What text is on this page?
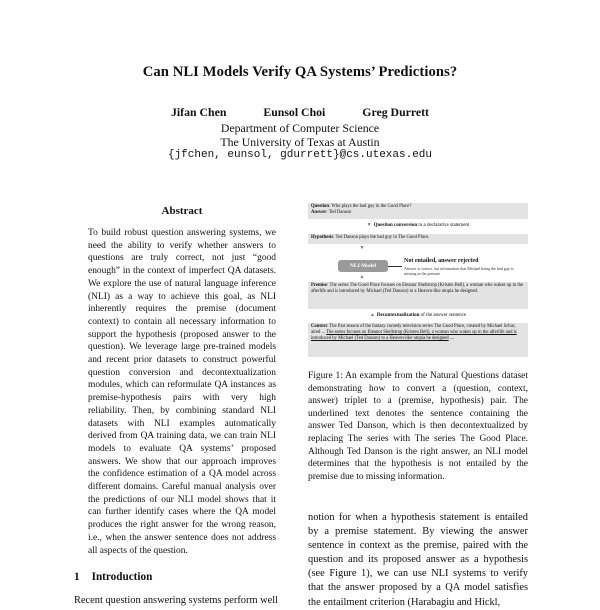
Can NLI Models Verify QA Systems’ Predictions?
Jifan Chen	Eunsol Choi	Greg Durrett
Department of Computer Science
The University of Texas at Austin
{jfchen, eunsol, gdurrett}@cs.utexas.edu
Abstract
To build robust question answering systems, we need the ability to verify whether answers to questions are truly correct, not just “good enough” in the context of imperfect QA datasets. We explore the use of natural language inference (NLI) as a way to achieve this goal, as NLI inherently requires the premise (document context) to contain all necessary information to support the hypothesis (proposed answer to the question). We leverage large pre-trained models and recent prior datasets to construct powerful question conversion and decontextualization modules, which can reformulate QA instances as premise-hypothesis pairs with very high reliability. Then, by combining standard NLI datasets with NLI examples automatically derived from QA training data, we can train NLI models to evaluate QA systems’ proposed answers. We show that our approach improves the confidence estimation of a QA model across different domains. Careful manual analysis over the predictions of our NLI model shows that it can further identify cases where the QA model produces the right answer for the wrong reason, i.e., when the answer sentence does not address all aspects of the question.
1 Introduction
Recent question answering systems perform well
Question: Who plays the bad guy in the Good Place?
Answer: Ted Danson
▼ Question conversion to a declarative statement
Hypothesis: Ted Danson plays the bad guy in The Good Place.
▼
NLI Model
Not entailed, answer rejected
Answer is correct, but information that Michael being the bad guy is missing in the premise
▲
Premise: The series The Good Place focuses on Eleanor Shellstrop (Kristen Bell), a woman who wakes up in the afterlife and is introduced by Michael (Ted Danson) to a Heaven-like utopia he designed.
▲ Decontextualization of the answer sentence
Context: The first season of the fantasy comedy television series The Good Place, created by Michael Schur, aired ... The series focuses on Eleanor Shellstrop (Kristen Bell), a woman who wakes up in the afterlife and is introduced by Michael (Ted Danson) to a Heaven-like utopia he designed ....
Figure 1: An example from the Natural Questions dataset demonstrating how to convert a (question, context, answer) triplet to a (premise, hypothesis) pair. The underlined text denotes the sentence containing the answer Ted Danson, which is then decontextualized by replacing The series with The series The Good Place. Although Ted Danson is the right answer, an NLI model determines that the hypothesis is not entailed by the premise due to missing information.
notion for when a hypothesis statement is entailed by a premise statement. By viewing the answer sentence in context as the premise, paired with the question and its proposed answer as a hypothesis (see Figure 1), we can use NLI systems to verify that the answer proposed by a QA model satisfies the entailment criterion (Harabagiu and Hickl,
